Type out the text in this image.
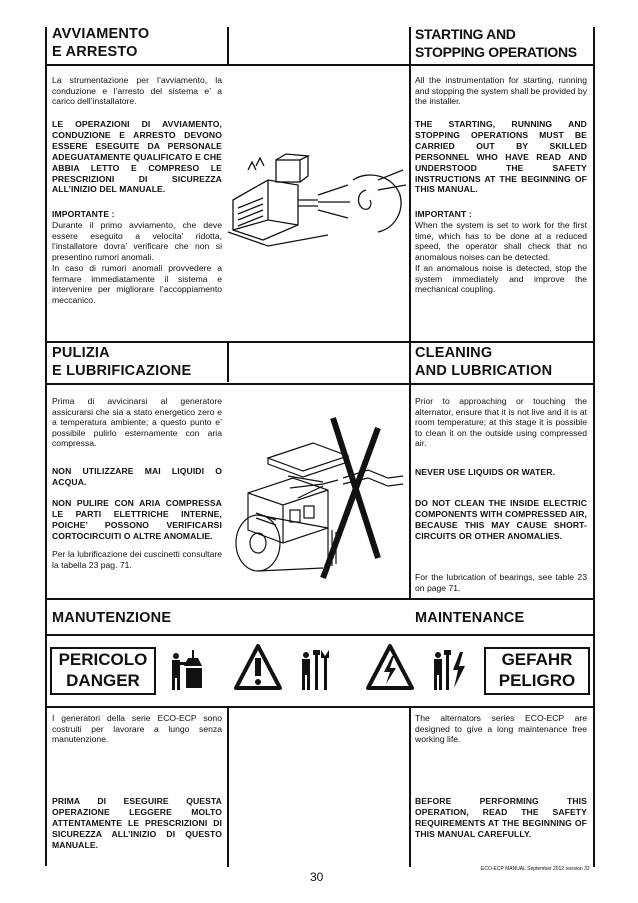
AVVIAMENTO
E ARRESTO
STARTING AND
STOPPING OPERATIONS
La strumentazione per l’avviamento, la conduzione e l’arresto del sistema e’ a carico dell’installatore.
LE OPERAZIONI DI AVVIAMENTO, CONDUZIONE E ARRESTO DEVONO ESSERE ESEGUITE DA PERSONALE ADEGUATAMENTE QUALIFICATO E CHE ABBIA LETTO E COMPRESO LE PRESCRIZIONI DI SICUREZZA ALL’INIZIO DEL MANUALE.
IMPORTANTE :
Durante il primo avviamento, che deve essere eseguito a velocita’ ridotta, l’installatore dovra’ verificare che non si presentino rumori anomali.
In caso di rumori anomali provvedere a fermare immediatamente il sistema e intervenire per migliorare l’accoppiamento meccanico.
All the instrumentation for starting, running and stopping the system shall be provided by the installer.
THE STARTING, RUNNING AND STOPPING OPERATIONS MUST BE CARRIED OUT BY SKILLED PERSONNEL WHO HAVE READ AND UNDERSTOOD THE SAFETY INSTRUCTIONS AT THE BEGINNING OF THIS MANUAL.
IMPORTANT :
When the system is set to work for the first time, which has to be done at a reduced speed, the operator shall check that no anomalous noises can be detected.
If an anomalous noise is detected, stop the system immediately and improve the mechanical coupling.
PULIZIA
E LUBRIFICAZIONE
CLEANING
AND LUBRICATION
Prima di avvicinarsi al generatore assicurarsi che sia a stato energetico zero e a temperatura ambiente; a questo punto e’ possibile pulirlo esternamente con aria compressa.
NON UTILIZZARE MAI LIQUIDI O ACQUA.
NON PULIRE CON ARIA COMPRESSA LE PARTI ELETTRICHE INTERNE, POICHE’ POSSONO VERIFICARSI CORTOCIRCUITI O ALTRE ANOMALIE.
Per la lubrificazione dei cuscinetti consultare la tabella 23 pag. 71.
Prior to approaching or touching the alternator, ensure that it is not live and it is at room temperature; at this stage it is possible to clean it on the outside using compressed air.
NEVER USE LIQUIDS OR WATER.
DO NOT CLEAN THE INSIDE ELECTRIC COMPONENTS WITH COMPRESSED AIR, BECAUSE THIS MAY CAUSE SHORT-CIRCUITS OR OTHER ANOMALIES.
For the lubrication of bearings, see table 23 on page 71.
MANUTENZIONE	MAINTENANCE
PERICOLO
DANGER
GEFAHR
PELIGRO
I generatori della serie ECO-ECP sono costruiti per lavorare a lungo senza manutenzione.
PRIMA DI ESEGUIRE QUESTA OPERAZIONE LEGGERE MOLTO ATTENTAMENTE LE PRESCRIZIONI DI SICUREZZA ALL’INIZIO DI QUESTO MANUALE.
The alternators series ECO-ECP are designed to give a long maintenance free working life.
BEFORE PERFORMING THIS OPERATION, READ THE SAFETY REQUIREMENTS AT THE BEGINNING OF THIS MANUAL CAREFULLY.
30
ECO-ECP MANUAL September 2012 revision 32
